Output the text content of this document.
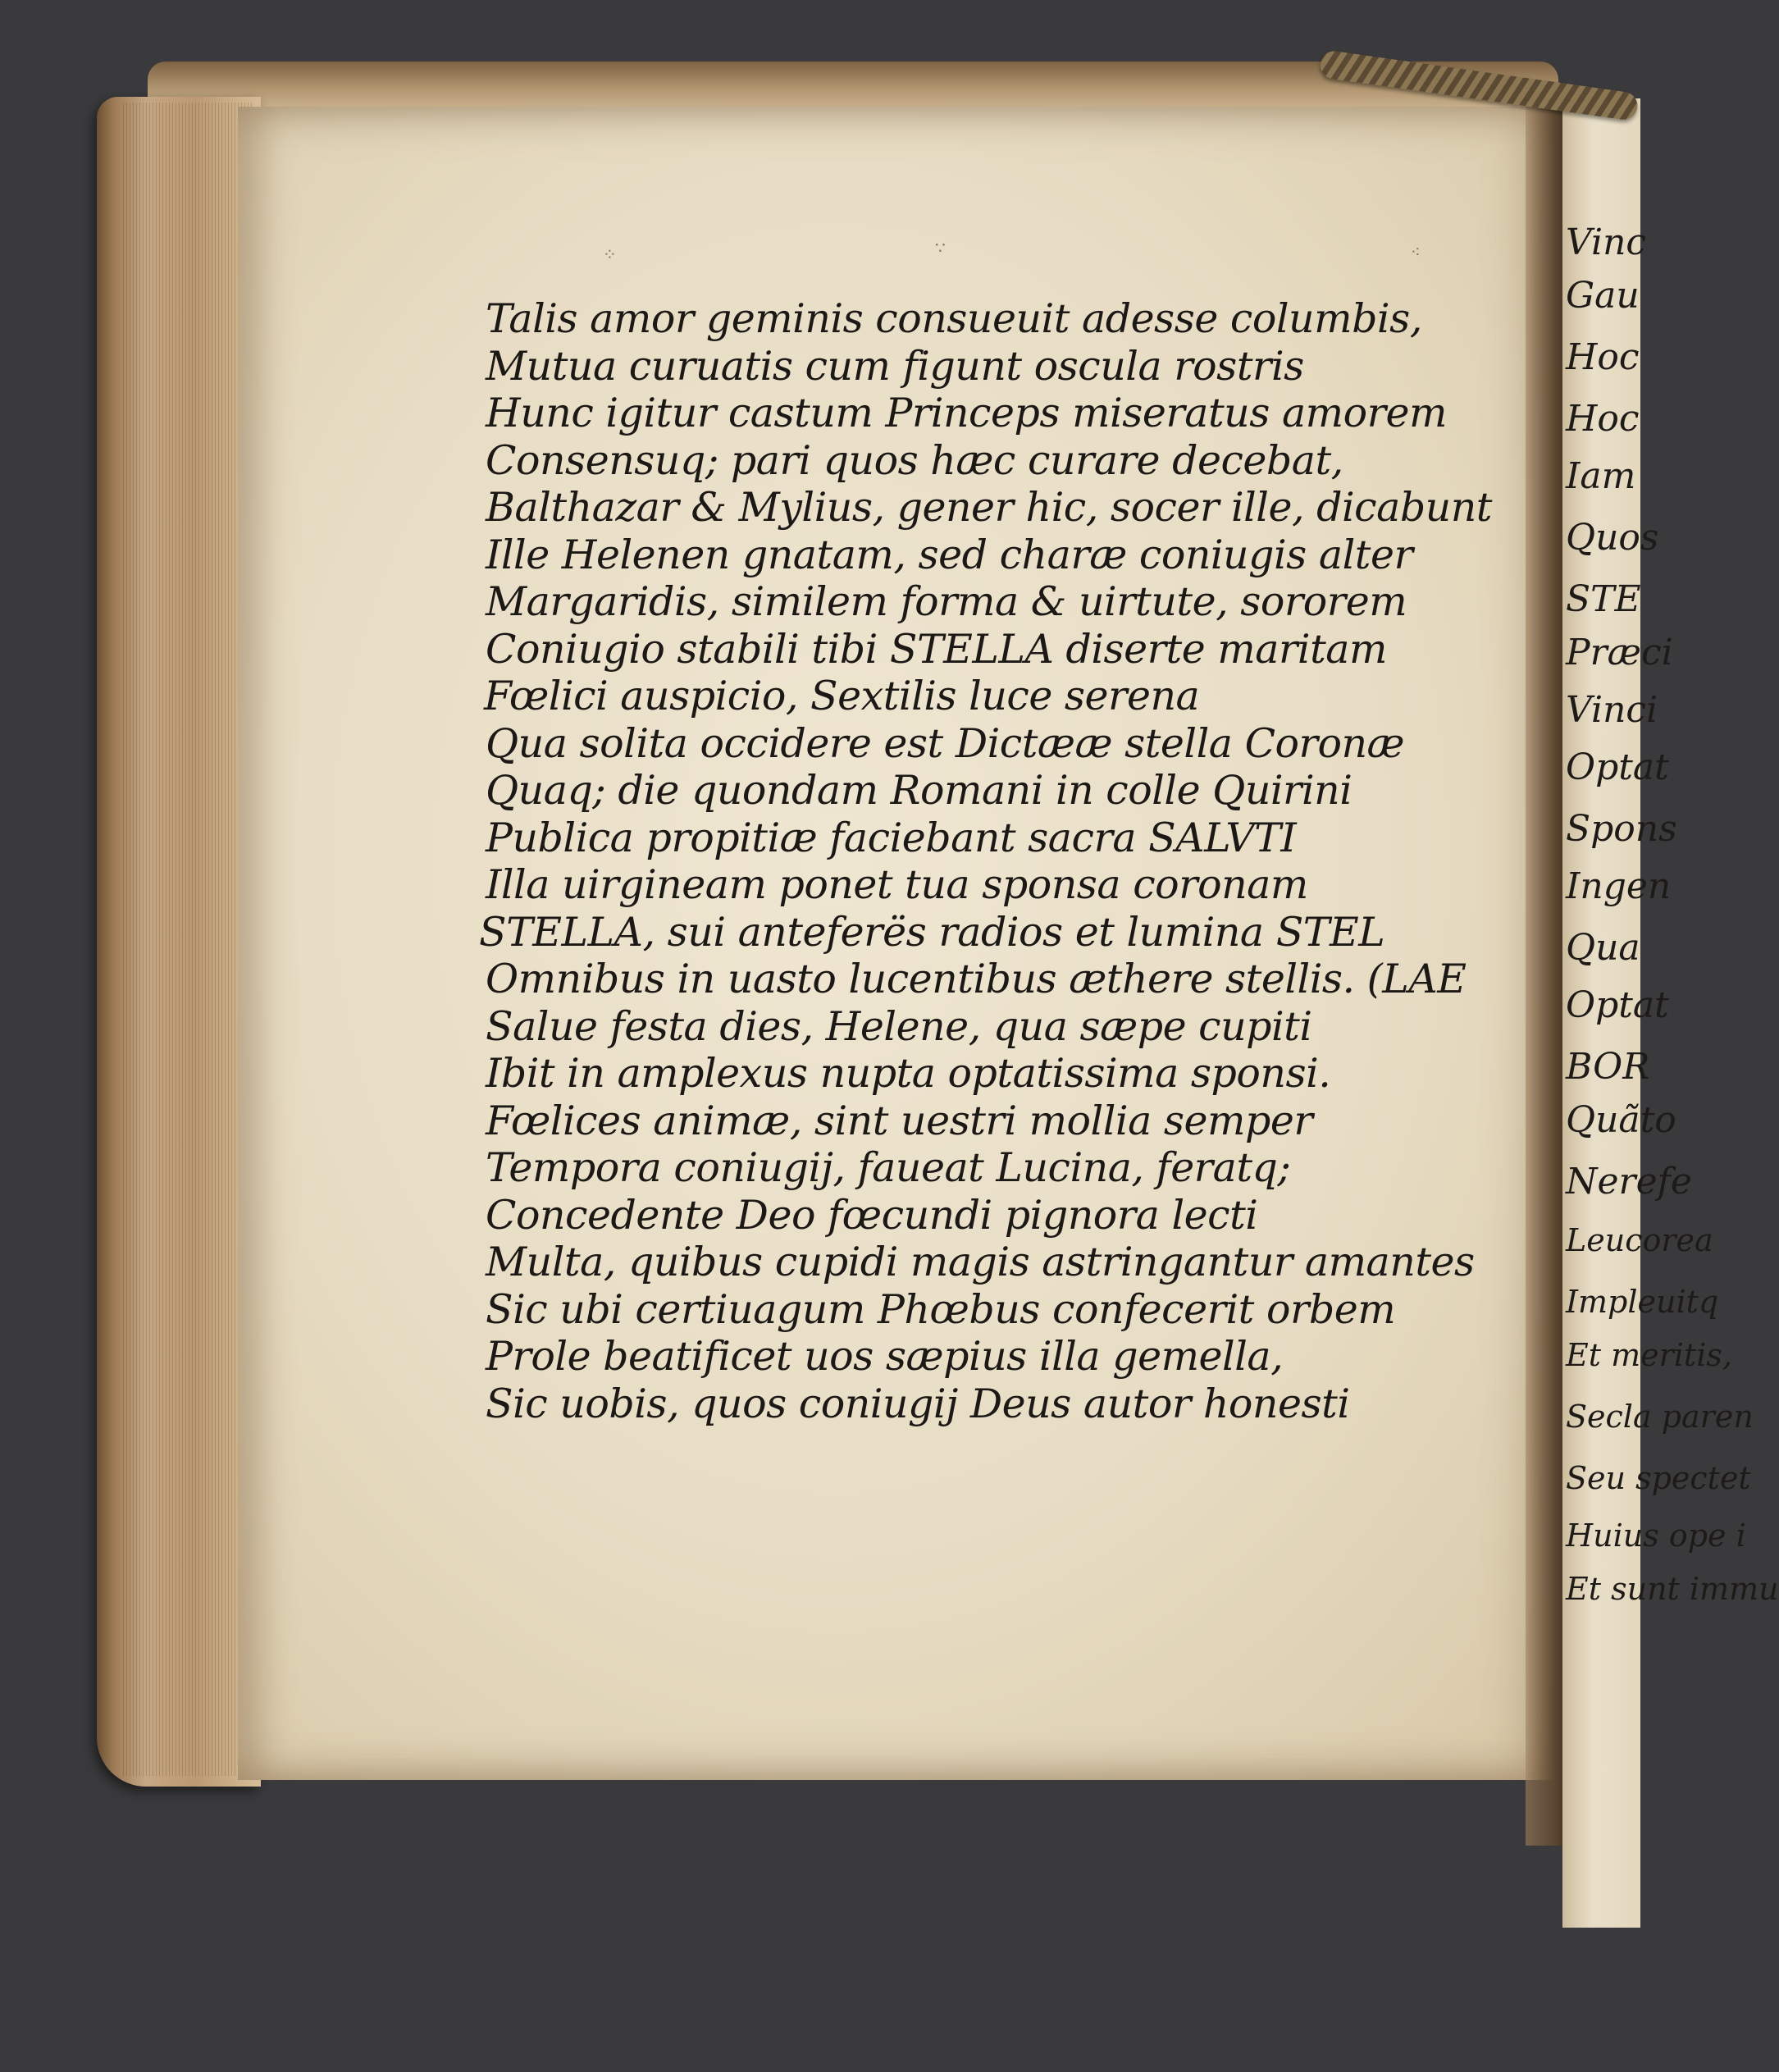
Vinc
Gau
Hoc
Hoc
Iam
Quos
STE
Præci
Vinci
Optat
Spons
Ingen
Qua
Optat
BOR
Quãto
Nerefe
Leucorea
Impleuitq
Et meritis,
Secla paren
Seu spectet
Huius ope i
Et sunt immu
⁘	∵	⁖
Talis amor geminis consueuit adesse columbis,
Mutua curuatis cum figunt oscula rostris
Hunc igitur castum Princeps miseratus amorem
Consensuq; pari quos hæc curare decebat,
Balthazar & Mylius, gener hic, socer ille, dicabunt
Ille Helenen gnatam, sed charæ coniugis alter
Margaridis, similem forma & uirtute, sororem
Coniugio stabili tibi STELLA diserte maritam
Fœlici auspicio, Sextilis luce serena
Qua solita occidere est Dictææ stella Coronæ
Quaq; die quondam Romani in colle Quirini
Publica propitiæ faciebant sacra SALVTI
Illa uirgineam ponet tua sponsa coronam
STELLA, sui anteferës radios et lumina STEL
Omnibus in uasto lucentibus æthere stellis. (LAE
Salue festa dies, Helene, qua sæpe cupiti
Ibit in amplexus nupta optatissima sponsi.
Fœlices animæ, sint uestri mollia semper
Tempora coniugij, faueat Lucina, feratq;
Concedente Deo fœcundi pignora lecti
Multa, quibus cupidi magis astringantur amantes
Sic ubi certiuagum Phœbus confecerit orbem
Prole beatificet uos sæpius illa gemella,
Sic uobis, quos coniugij Deus autor honesti
